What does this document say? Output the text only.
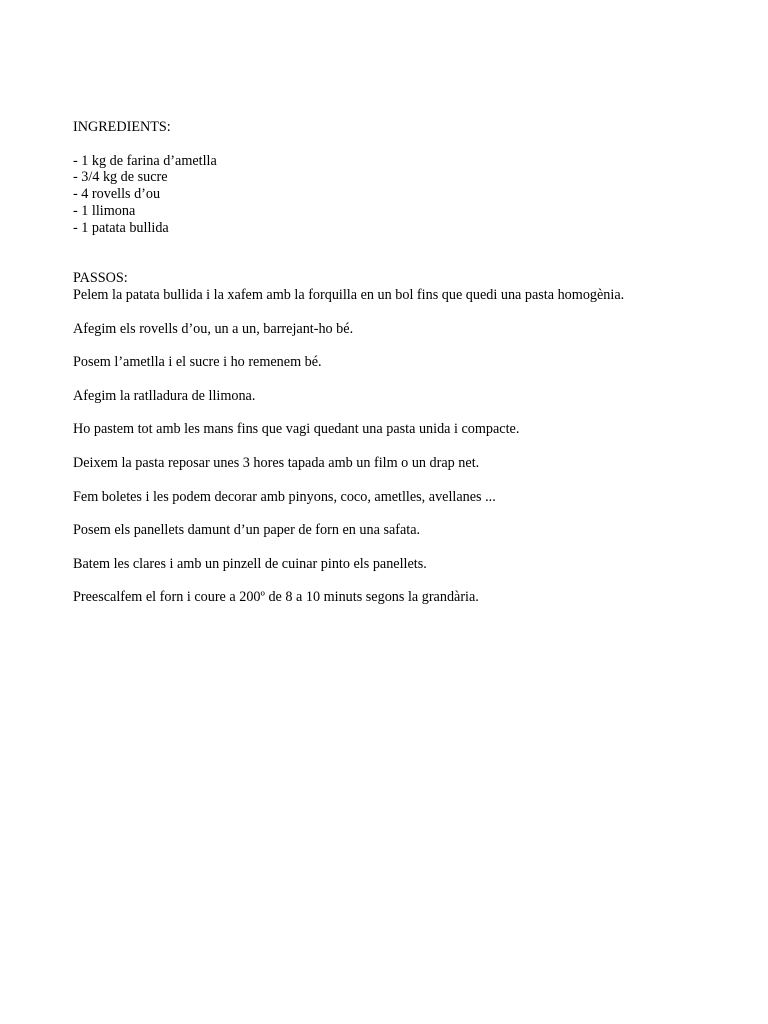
INGREDIENTS:

- 1 kg de farina d’ametlla
- 3/4 kg de sucre
- 4 rovells d’ou
- 1 llimona
- 1 patata bullida

PASSOS:

Pelem la patata bullida i la xafem amb la forquilla en un bol fins que quedi una pasta homogènia.
Afegim els rovells d’ou, un a un, barrejant-ho bé.
Posem l’ametlla i el sucre i ho remenem bé.
Afegim la ratlladura de llimona.
Ho pastem tot amb les mans fins que vagi quedant una pasta unida i compacte.
Deixem la pasta reposar unes 3 hores tapada amb un film o un drap net.
Fem boletes i les podem decorar amb pinyons, coco, ametlles, avellanes ...
Posem els panellets damunt d’un paper de forn en una safata.
Batem les clares i amb un pinzell de cuinar pinto els panellets.
Preescalfem el forn i coure a 200º de 8 a 10 minuts segons la grandària.
